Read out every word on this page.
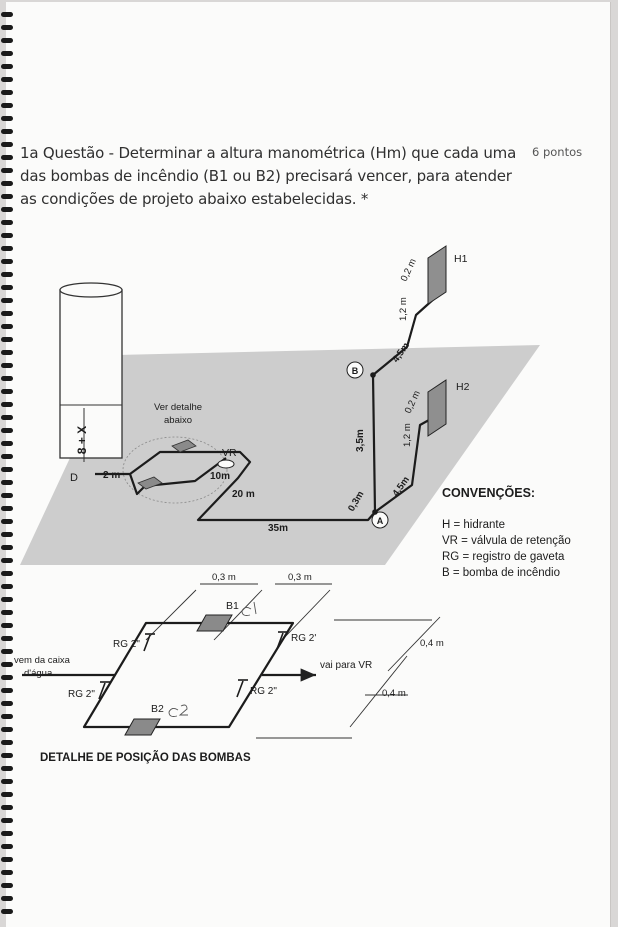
1a Questão - Determinar a altura manométrica (Hm) que cada uma das bombas de incêndio (B1 ou B2) precisará vencer, para atender as condições de projeto abaixo estabelecidas. *
6 pontos
8 + X
D
Ver detalhe
abaixo
VR
2 m	10m
20 m
35m
0,3m
3,5m
4,5m
1,2 m
0,2 m
4,5m
1,2 m
0,2 m
B
A
H1
H2
0,3 m	0,3 m
0,4 m
0,4 m
B1
B2
RG 2"
RG 2'
RG 2"	RG 2"
vem da caixa
d'água
vai para VR
CONVENÇÕES:
H = hidrante
VR = válvula de retenção
RG = registro de gaveta
B = bomba de incêndio
DETALHE DE POSIÇÃO DAS BOMBAS
